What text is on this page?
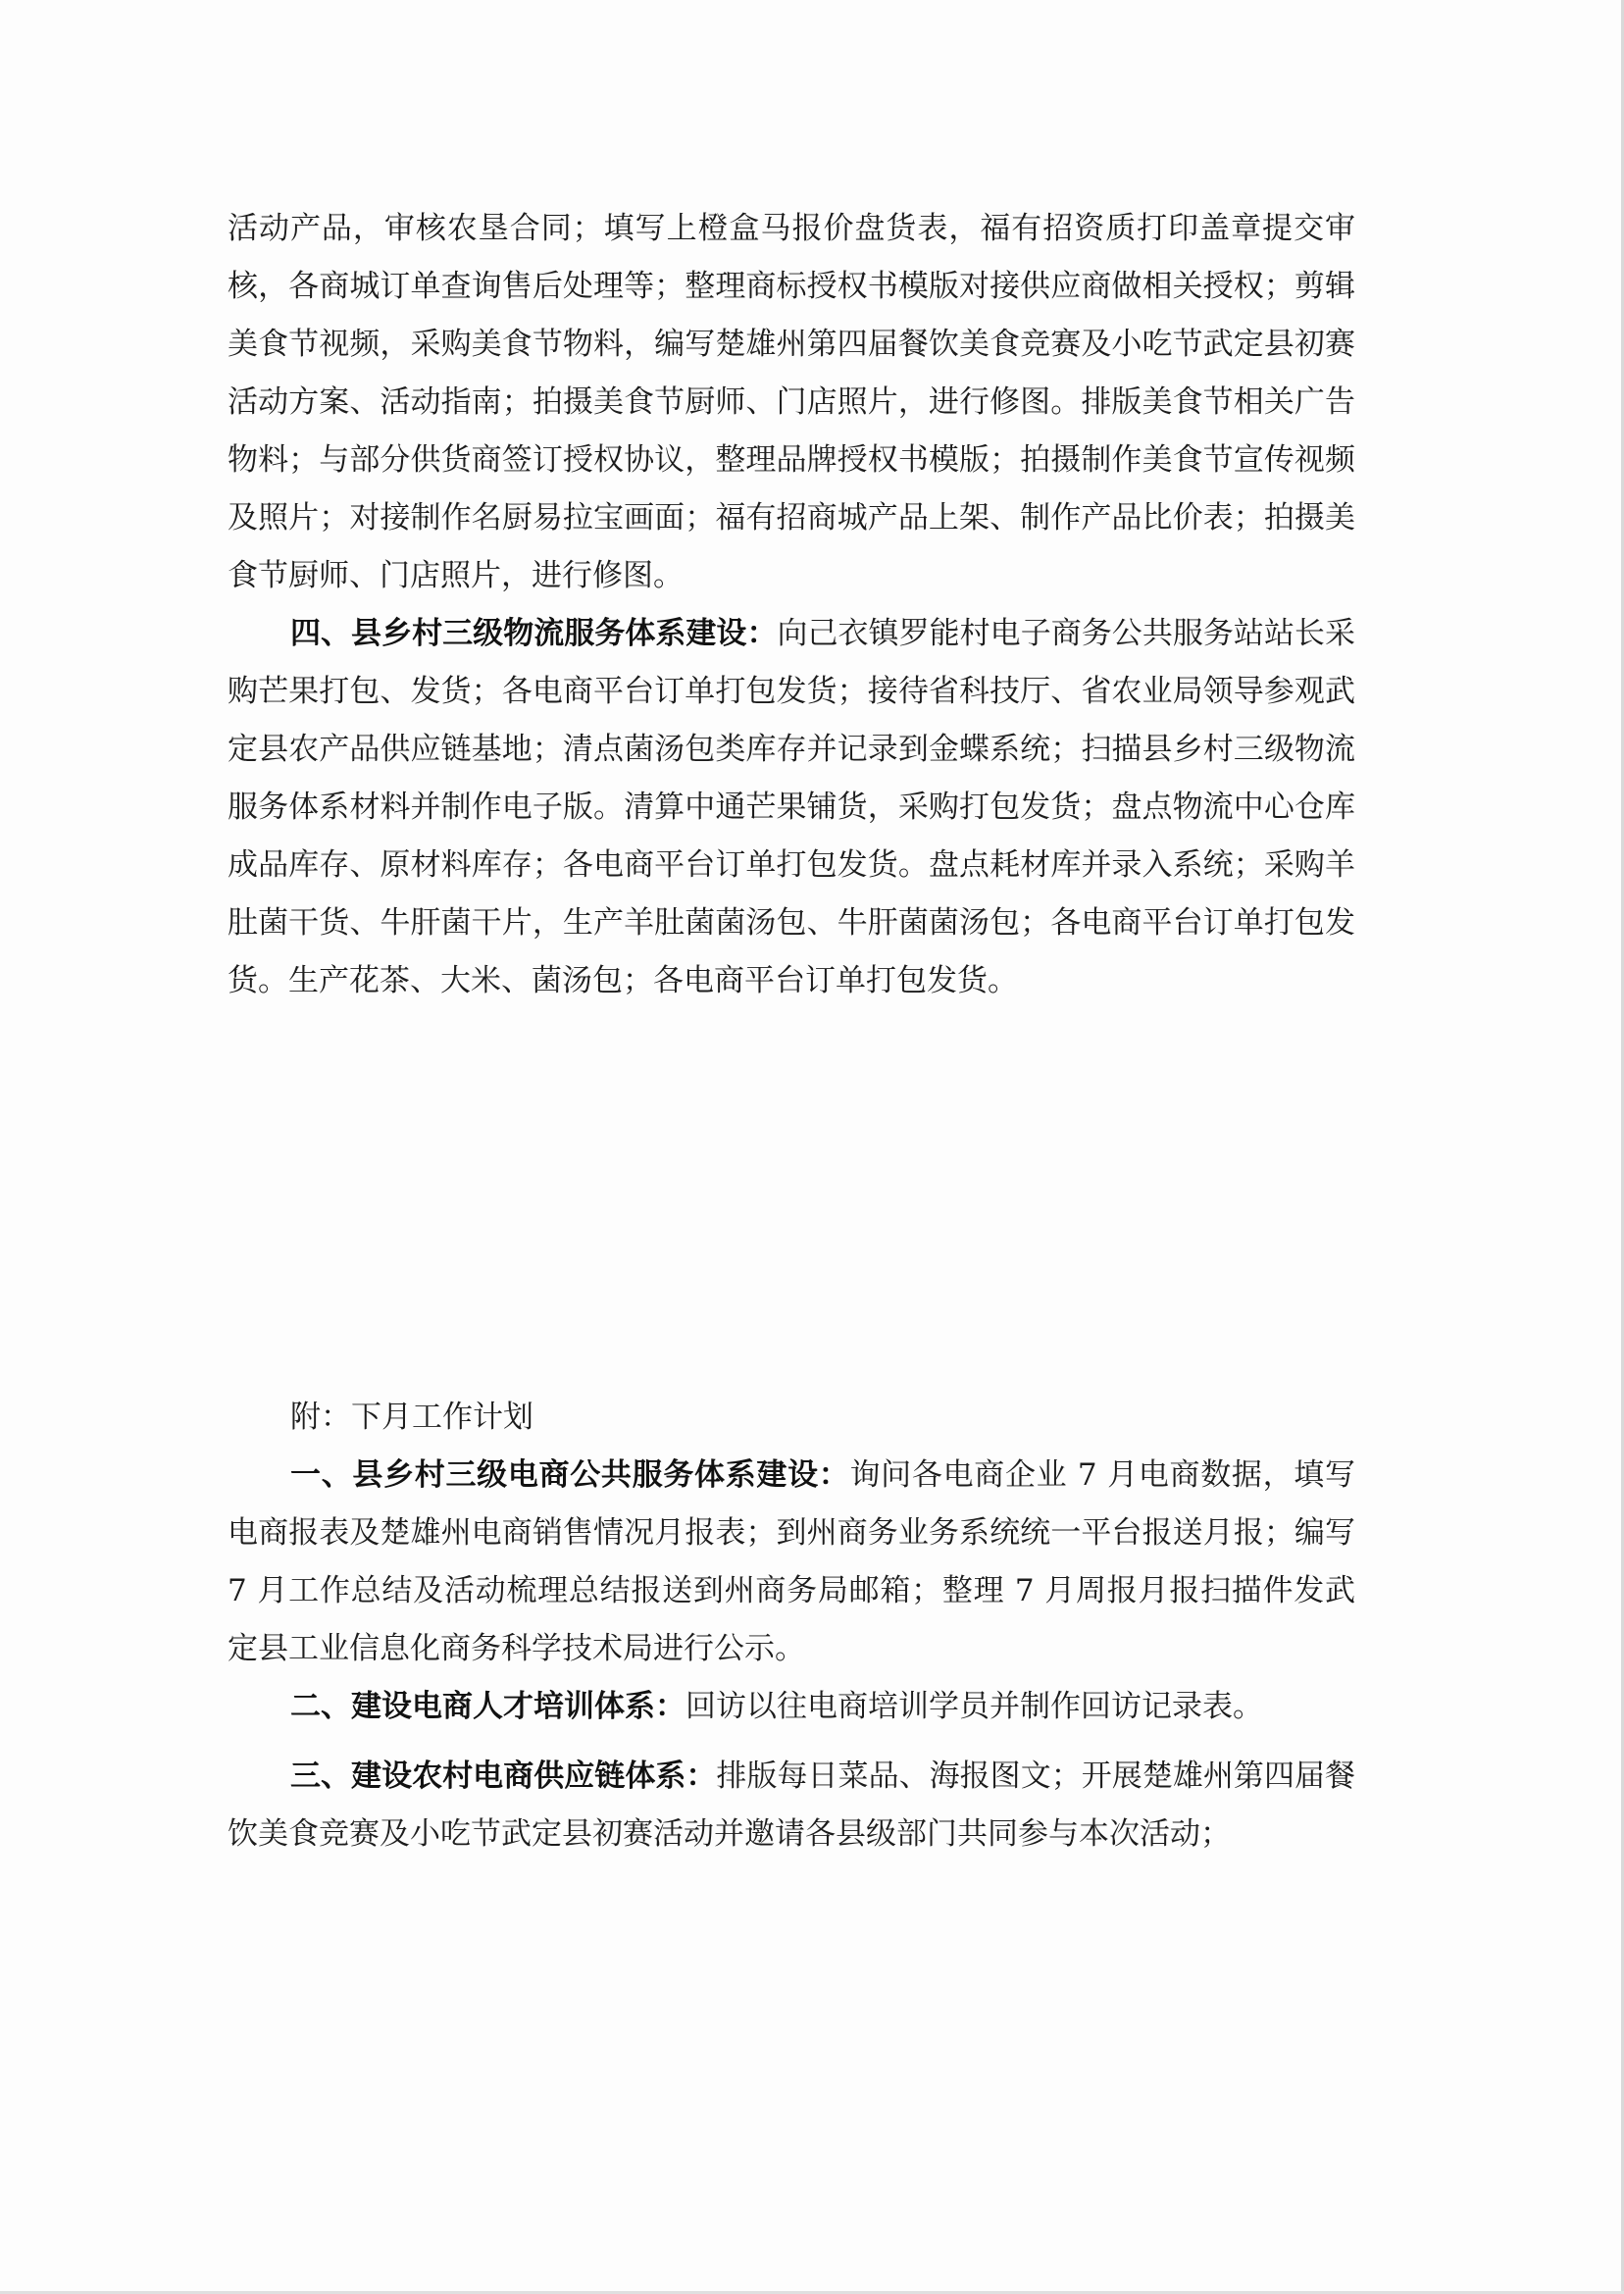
活动产品，审核农垦合同；填写上橙盒马报价盘货表，福有招资质打印盖章提交审核，各商城订单查询售后处理等；整理商标授权书模版对接供应商做相关授权；剪辑美食节视频，采购美食节物料，编写楚雄州第四届餐饮美食竞赛及小吃节武定县初赛活动方案、活动指南；拍摄美食节厨师、门店照片，进行修图。排版美食节相关广告物料；与部分供货商签订授权协议，整理品牌授权书模版；拍摄制作美食节宣传视频及照片；对接制作名厨易拉宝画面；福有招商城产品上架、制作产品比价表；拍摄美食节厨师、门店照片，进行修图。

四、县乡村三级物流服务体系建设：向己衣镇罗能村电子商务公共服务站站长采购芒果打包、发货；各电商平台订单打包发货；接待省科技厅、省农业局领导参观武定县农产品供应链基地；清点菌汤包类库存并记录到金蝶系统；扫描县乡村三级物流服务体系材料并制作电子版。清算中通芒果铺货，采购打包发货；盘点物流中心仓库成品库存、原材料库存；各电商平台订单打包发货。盘点耗材库并录入系统；采购羊肚菌干货、牛肝菌干片，生产羊肚菌菌汤包、牛肝菌菌汤包；各电商平台订单打包发货。生产花茶、大米、菌汤包；各电商平台订单打包发货。

附：下月工作计划

一、县乡村三级电商公共服务体系建设：询问各电商企业 7 月电商数据，填写电商报表及楚雄州电商销售情况月报表；到州商务业务系统统一平台报送月报；编写 7 月工作总结及活动梳理总结报送到州商务局邮箱；整理 7 月周报月报扫描件发武定县工业信息化商务科学技术局进行公示。

二、建设电商人才培训体系：回访以往电商培训学员并制作回访记录表。

三、建设农村电商供应链体系：排版每日菜品、海报图文；开展楚雄州第四届餐饮美食竞赛及小吃节武定县初赛活动并邀请各县级部门共同参与本次活动；
